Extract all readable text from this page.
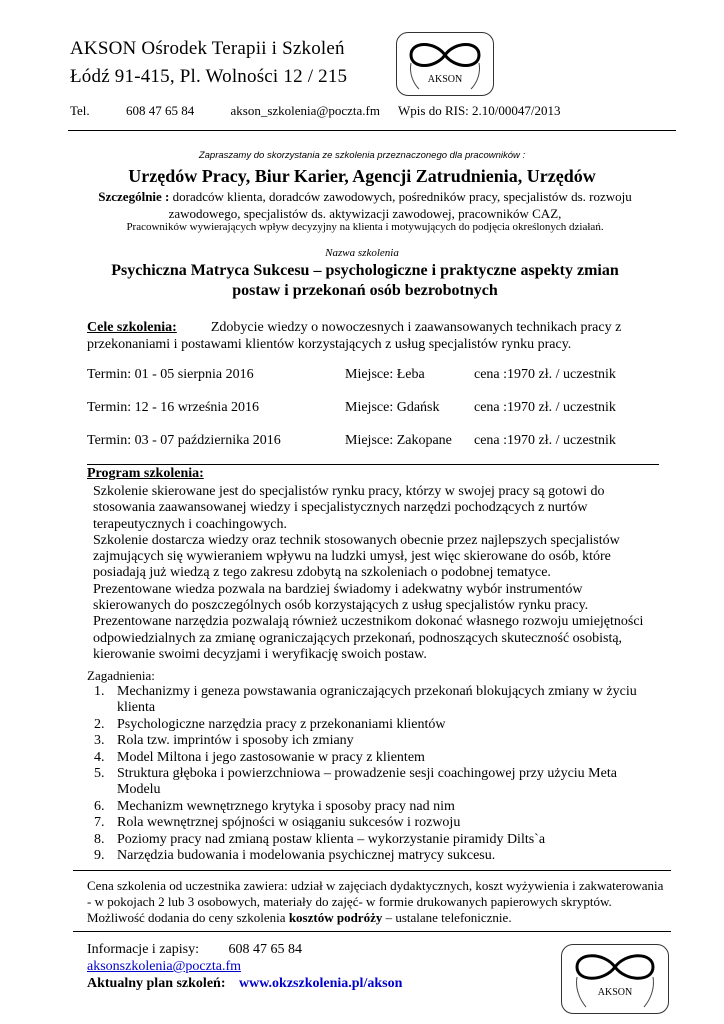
AKSON Ośrodek Terapii i Szkoleń
Łódź 91-415, Pl. Wolności 12 / 215
Tel.	608 47 65 84	akson_szkolenia@poczta.fm Wpis do RIS: 2.10/00047/2013
AKSON
Zapraszamy do skorzystania ze szkolenia przeznaczonego dla pracowników :
Urzędów Pracy, Biur Karier, Agencji Zatrudnienia, Urzędów
Szczególnie : doradców klienta, doradców zawodowych, pośredników pracy, specjalistów ds. rozwoju zawodowego, specjalistów ds. aktywizacji zawodowej, pracowników CAZ,
Pracowników wywierających wpływ decyzyjny na klienta i motywujących do podjęcia określonych działań.
Nazwa szkolenia
Psychiczna Matryca Sukcesu – psychologiczne i praktyczne aspekty zmian postaw i przekonań osób bezrobotnych
Cele szkolenia: Zdobycie wiedzy o nowoczesnych i zaawansowanych technikach pracy z przekonaniami i postawami klientów korzystających z usług specjalistów rynku pracy.
Termin: 01 - 05 sierpnia 2016	Miejsce: Łeba	cena :1970 zł. / uczestnik
Termin: 12 - 16 września 2016	Miejsce: Gdańsk cena :1970 zł. / uczestnik
Termin: 03 - 07 października 2016	Miejsce: Zakopane cena :1970 zł. / uczestnik
Program szkolenia:

Szkolenie skierowane jest do specjalistów rynku pracy, którzy w swojej pracy są gotowi do stosowania zaawansowanej wiedzy i specjalistycznych narzędzi pochodzących z nurtów terapeutycznych i coachingowych.

Szkolenie dostarcza wiedzy oraz technik stosowanych obecnie przez najlepszych specjalistów zajmujących się wywieraniem wpływu na ludzki umysł, jest więc skierowane do osób, które posiadają już wiedzą z tego zakresu zdobytą na szkoleniach o podobnej tematyce.

Prezentowane wiedza pozwala na bardziej świadomy i adekwatny wybór instrumentów skierowanych do poszczególnych osób korzystających z usług specjalistów rynku pracy.

Prezentowane narzędzia pozwalają również uczestnikom dokonać własnego rozwoju umiejętności odpowiedzialnych za zmianę ograniczających przekonań, podnoszących skuteczność osobistą, kierowanie swoimi decyzjami i weryfikację swoich postaw.

Zagadnienia:
1. Mechanizmy i geneza powstawania ograniczających przekonań blokujących zmiany w życiu klienta
2. Psychologiczne narzędzia pracy z przekonaniami klientów
3. Rola tzw. imprintów i sposoby ich zmiany
4. Model Miltona i jego zastosowanie w pracy z klientem
5. Struktura głęboka i powierzchniowa – prowadzenie sesji coachingowej przy użyciu Meta Modelu
6. Mechanizm wewnętrznego krytyka i sposoby pracy nad nim
7. Rola wewnętrznej spójności w osiąganiu sukcesów i rozwoju
8. Poziomy pracy nad zmianą postaw klienta – wykorzystanie piramidy Dilts`a
9. Narzędzia budowania i modelowania psychicznej matrycy sukcesu.
Cena szkolenia od uczestnika zawiera: udział w zajęciach dydaktycznych, koszt wyżywienia i zakwaterowania - w pokojach 2 lub 3 osobowych, materiały do zajęć- w formie drukowanych papierowych skryptów. Możliwość dodania do ceny szkolenia kosztów podróży – ustalane telefonicznie.
Informacje i zapisy: 608 47 65 84
aksonszkolenia@poczta.fm
Aktualny plan szkoleń: www.okzszkolenia.pl/akson
AKSON
